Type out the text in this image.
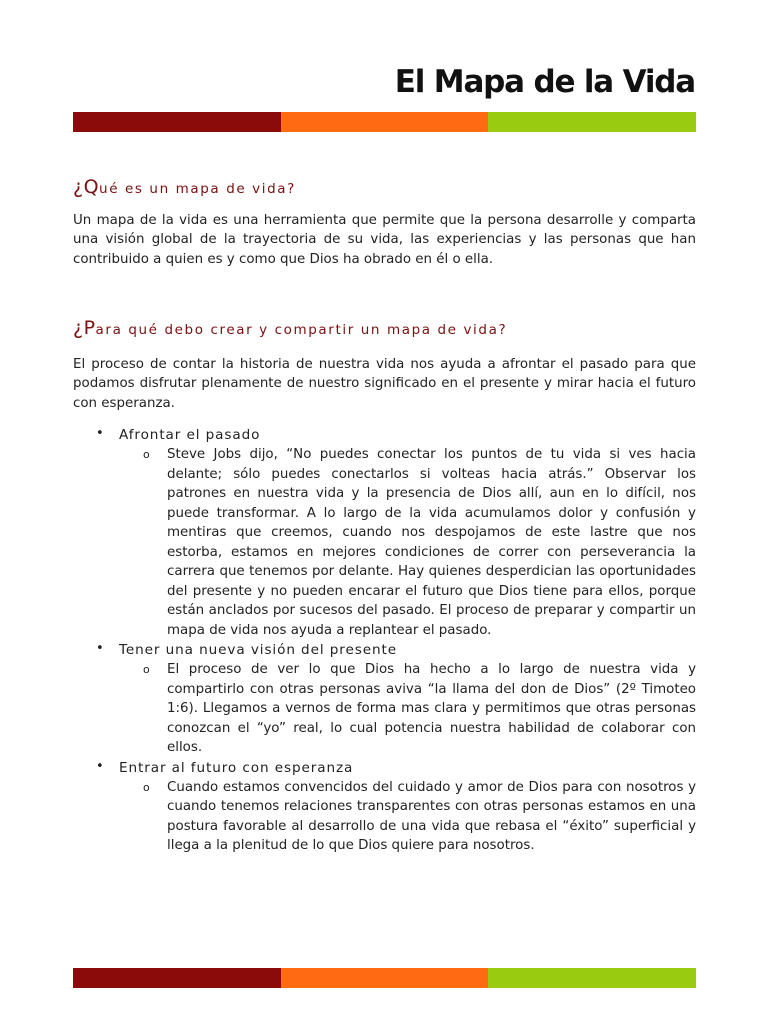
El Mapa de la Vida
¿Qué es un mapa de vida?

Un mapa de la vida es una herramienta que permite que la persona desarrolle y comparta una visión global de la trayectoria de su vida, las experiencias y las personas que han contribuido a quien es y como que Dios ha obrado en él o ella.

¿Para qué debo crear y compartir un mapa de vida?

El proceso de contar la historia de nuestra vida nos ayuda a afrontar el pasado para que podamos disfrutar plenamente de nuestro significado en el presente y mirar hacia el futuro con esperanza.

• Afrontar el pasado

o Steve Jobs dijo, “No puedes conectar los puntos de tu vida si ves hacia delante; sólo puedes conectarlos si volteas hacia atrás.” Observar los patrones en nuestra vida y la presencia de Dios allí, aun en lo difícil, nos puede transformar. A lo largo de la vida acumulamos dolor y confusión y mentiras que creemos, cuando nos despojamos de este lastre que nos estorba, estamos en mejores condiciones de correr con perseverancia la carrera que tenemos por delante. Hay quienes desperdician las oportunidades del presente y no pueden encarar el futuro que Dios tiene para ellos, porque están anclados por sucesos del pasado. El proceso de preparar y compartir un mapa de vida nos ayuda a replantear el pasado.

• Tener una nueva visión del presente

o El proceso de ver lo que Dios ha hecho a lo largo de nuestra vida y compartirlo con otras personas aviva “la llama del don de Dios” (2º Timoteo 1:6). Llegamos a vernos de forma mas clara y permitimos que otras personas conozcan el “yo” real, lo cual potencia nuestra habilidad de colaborar con ellos.

• Entrar al futuro con esperanza

o Cuando estamos convencidos del cuidado y amor de Dios para con nosotros y cuando tenemos relaciones transparentes con otras personas estamos en una postura favorable al desarrollo de una vida que rebasa el “éxito” superficial y llega a la plenitud de lo que Dios quiere para nosotros.
